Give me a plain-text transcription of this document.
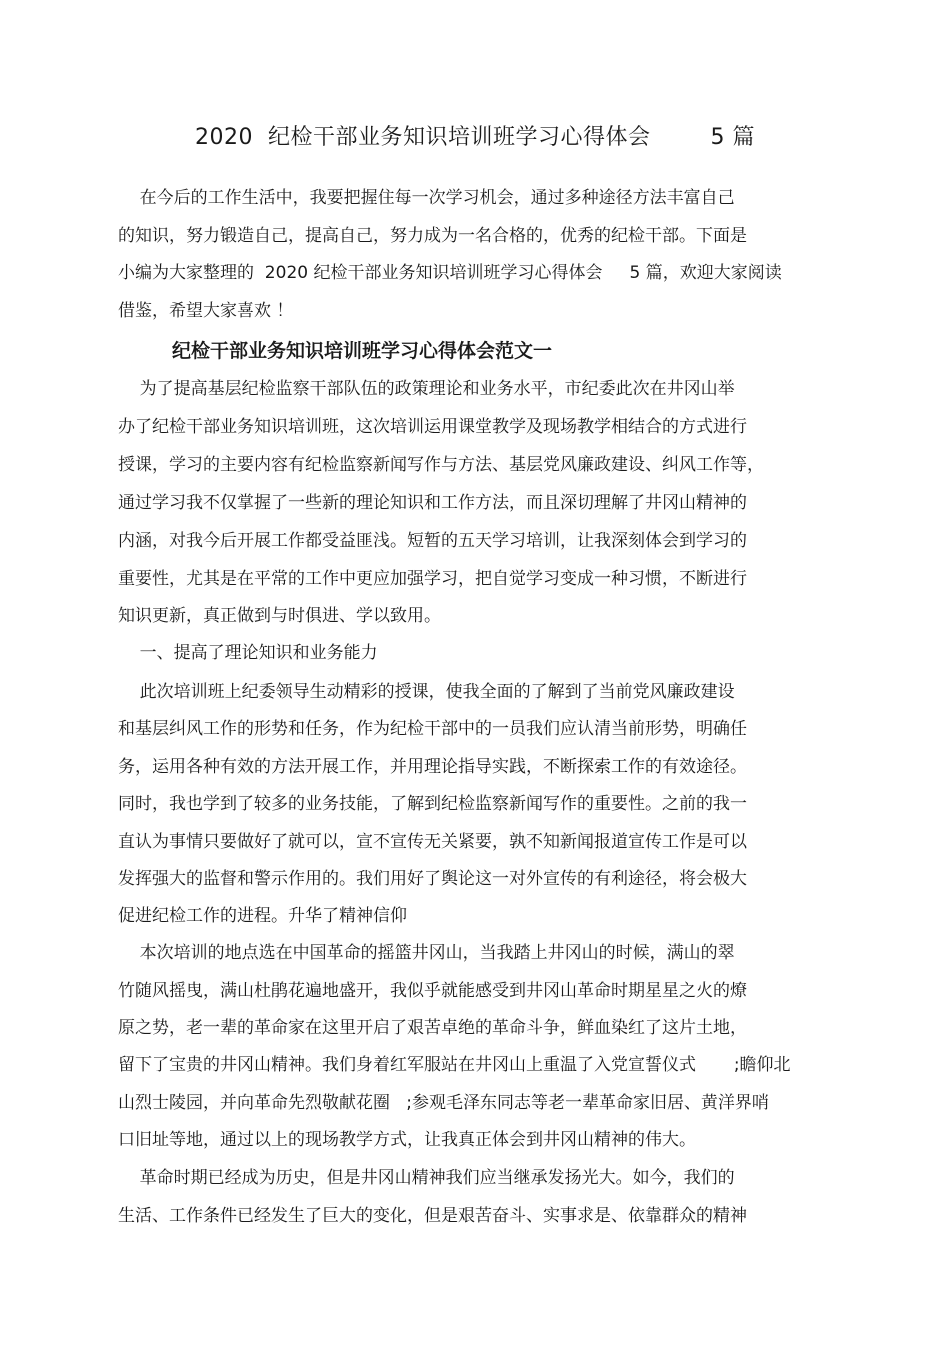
2020  纪检干部业务知识培训班学习心得体会        5 篇

在今后的工作生活中，我要把握住每一次学习机会，通过多种途径方法丰富自己

的知识，努力锻造自己，提高自己，努力成为一名合格的，优秀的纪检干部。下面是

小编为大家整理的  2020 纪检干部业务知识培训班学习心得体会     5 篇，欢迎大家阅读

借鉴，希望大家喜欢 ！

纪检干部业务知识培训班学习心得体会范文一

为了提高基层纪检监察干部队伍的政策理论和业务水平，市纪委此次在井冈山举

办了纪检干部业务知识培训班，这次培训运用课堂教学及现场教学相结合的方式进行

授课，学习的主要内容有纪检监察新闻写作与方法、基层党风廉政建设、纠风工作等，

通过学习我不仅掌握了一些新的理论知识和工作方法，而且深切理解了井冈山精神的

内涵，对我今后开展工作都受益匪浅。短暂的五天学习培训，让我深刻体会到学习的

重要性，尤其是在平常的工作中更应加强学习，把自觉学习变成一种习惯，不断进行

知识更新，真正做到与时俱进、学以致用。

一、提高了理论知识和业务能力

此次培训班上纪委领导生动精彩的授课，使我全面的了解到了当前党风廉政建设

和基层纠风工作的形势和任务，作为纪检干部中的一员我们应认清当前形势，明确任

务，运用各种有效的方法开展工作，并用理论指导实践，不断探索工作的有效途径。

同时，我也学到了较多的业务技能，了解到纪检监察新闻写作的重要性。之前的我一

直认为事情只要做好了就可以，宣不宣传无关紧要，孰不知新闻报道宣传工作是可以

发挥强大的监督和警示作用的。我们用好了舆论这一对外宣传的有利途径，将会极大

促进纪检工作的进程。升华了精神信仰

本次培训的地点选在中国革命的摇篮井冈山，当我踏上井冈山的时候，满山的翠

竹随风摇曳，满山杜鹃花遍地盛开，我似乎就能感受到井冈山革命时期星星之火的燎

原之势，老一辈的革命家在这里开启了艰苦卓绝的革命斗争，鲜血染红了这片土地，

留下了宝贵的井冈山精神。我们身着红军服站在井冈山上重温了入党宣誓仪式       ;瞻仰北

山烈士陵园，并向革命先烈敬献花圈   ;参观毛泽东同志等老一辈革命家旧居、黄洋界哨

口旧址等地，通过以上的现场教学方式，让我真正体会到井冈山精神的伟大。

革命时期已经成为历史，但是井冈山精神我们应当继承发扬光大。如今，我们的

生活、工作条件已经发生了巨大的变化，但是艰苦奋斗、实事求是、依靠群众的精神
